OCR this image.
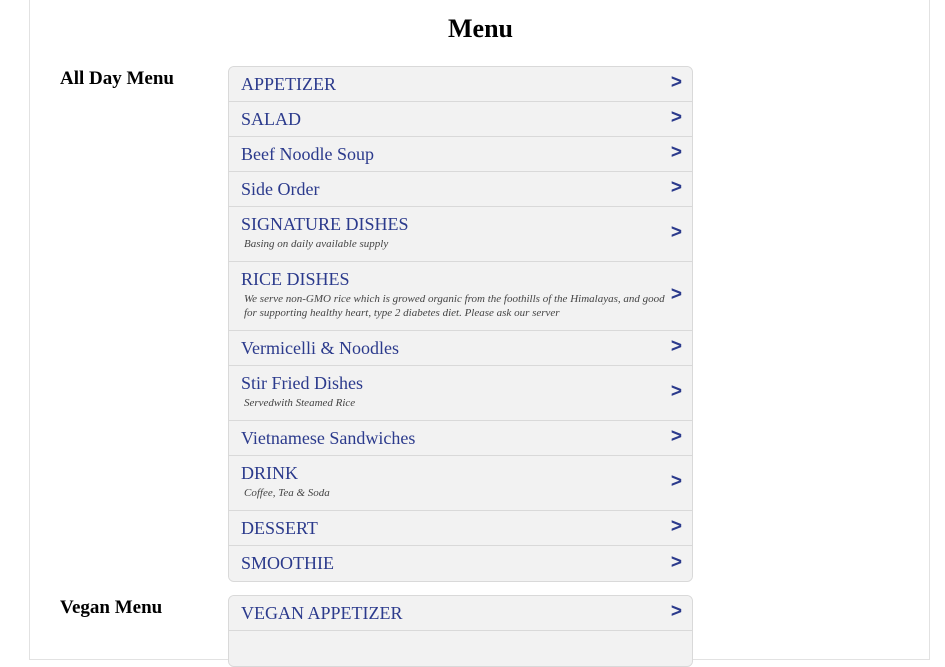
Menu
All Day Menu	APPETIZER	>
SALAD	>
Beef Noodle Soup	>
Side Order	>
SIGNATURE DISHES
Basing on daily available supply
>
RICE DISHES
We serve non-GMO rice which is growed organic from the foothills of the Himalayas, and good for supporting healthy heart, type 2 diabetes diet. Please ask our server
>
Vermicelli & Noodles	>
Stir Fried Dishes
Servedwith Steamed Rice
>
Vietnamese Sandwiches	>
DRINK
Coffee, Tea & Soda
>
DESSERT	>
SMOOTHIE	>
Vegan Menu	VEGAN APPETIZER	>
